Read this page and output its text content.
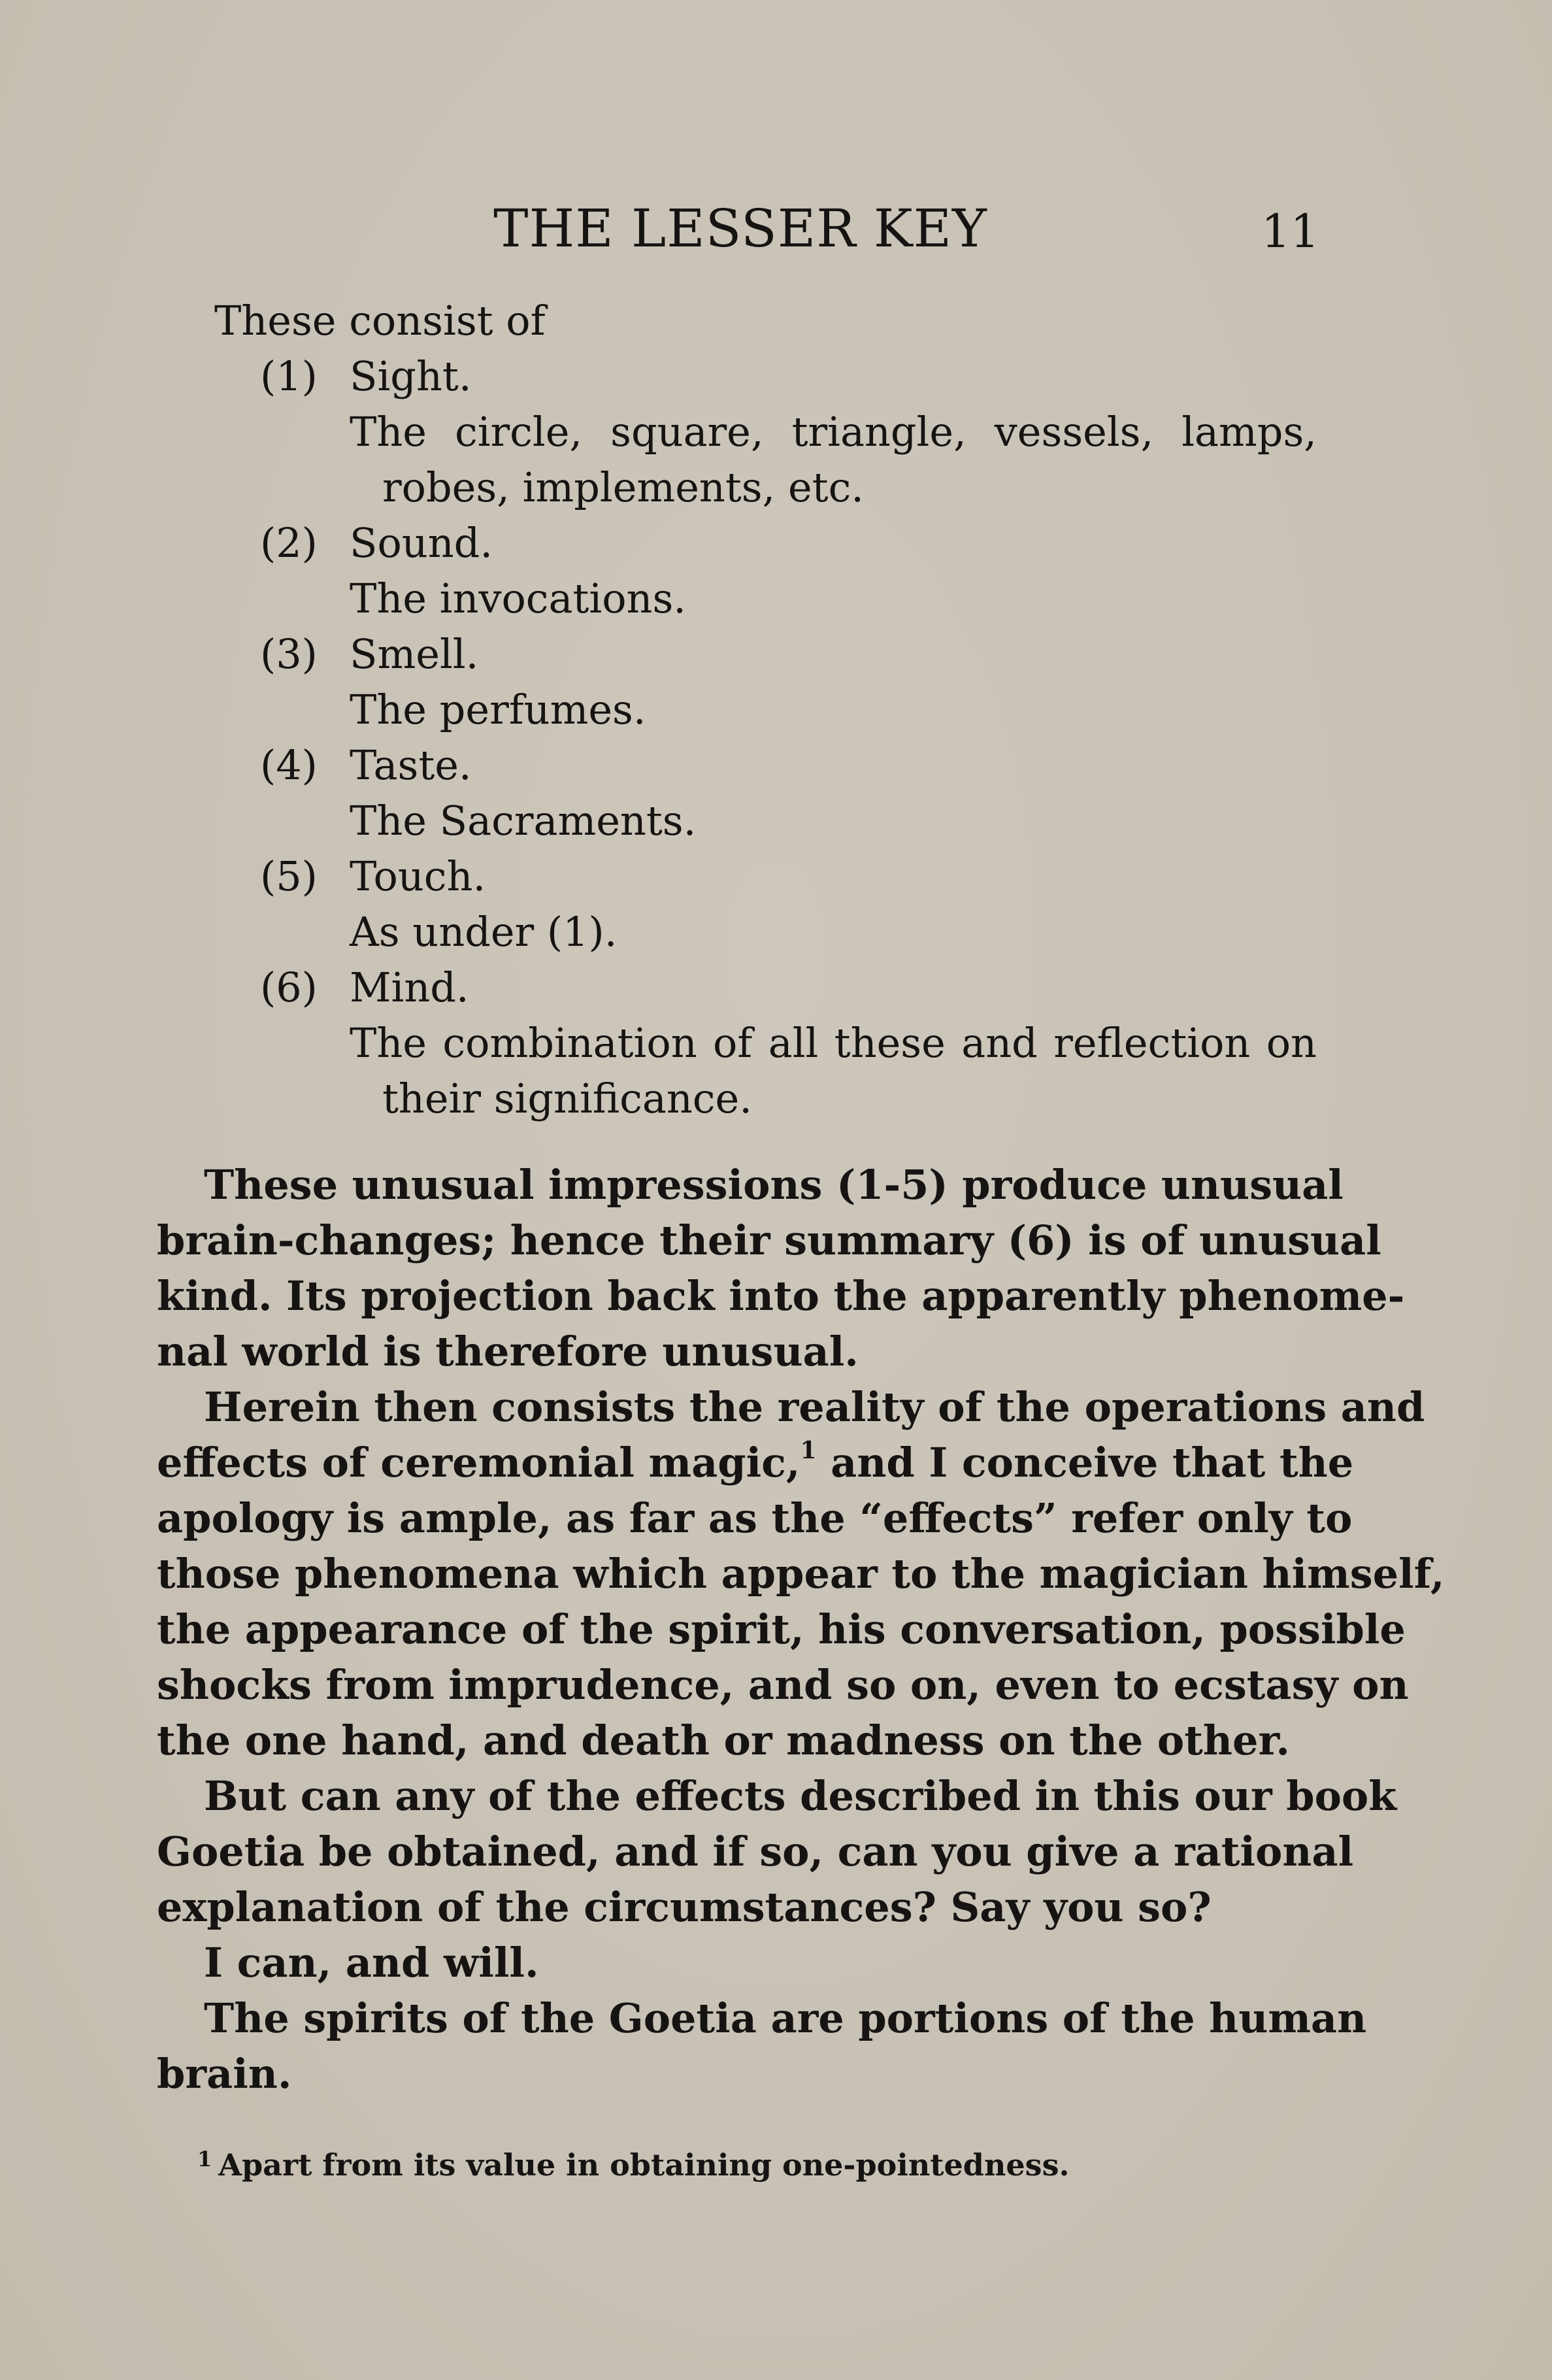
THE LESSER KEY	11
These consist of
(1) Sight.
The circle, square, triangle, vessels, lamps,
robes, implements, etc.
(2) Sound.
The invocations.
(3) Smell.
The perfumes.
(4) Taste.
The Sacraments.
(5) Touch.
As under (1).
(6) Mind.
The combination of all these and reflection on
their significance.
These unusual impressions (1-5) produce unusual
brain-changes; hence their summary (6) is of unusual
kind. Its projection back into the apparently phenome-
nal world is therefore unusual.
Herein then consists the reality of the operations and
effects of ceremonial magic,$^1$ and I conceive that the
apology is ample, as far as the “effects” refer only to
those phenomena which appear to the magician himself,
the appearance of the spirit, his conversation, possible
shocks from imprudence, and so on, even to ecstasy on
the one hand, and death or madness on the other.
But can any of the effects described in this our book
Goetia be obtained, and if so, can you give a rational
explanation of the circumstances? Say you so?
I can, and will.
The spirits of the Goetia are portions of the human
brain.
$^1$ Apart from its value in obtaining one-pointedness.
